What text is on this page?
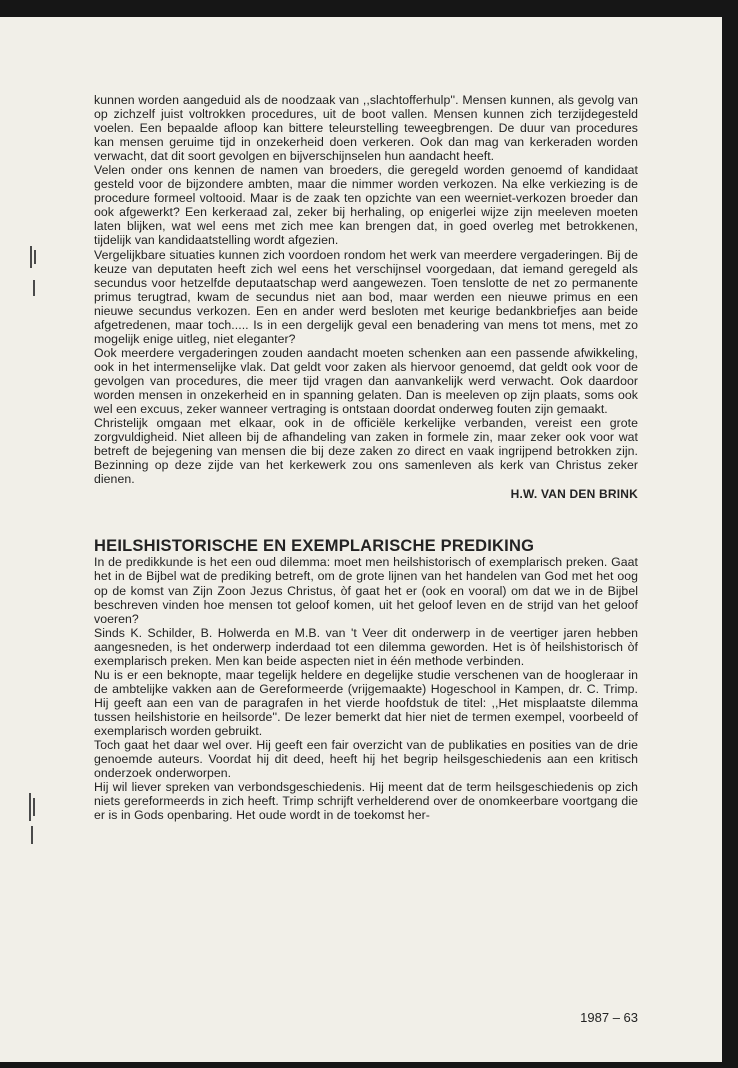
kunnen worden aangeduid als de noodzaak van ,,slachtofferhulp''. Mensen kunnen, als gevolg van op zichzelf juist voltrokken procedures, uit de boot vallen. Mensen kunnen zich terzijdegesteld voelen. Een bepaalde afloop kan bittere teleurstelling teweegbrengen. De duur van procedures kan mensen geruime tijd in onzekerheid doen verkeren. Ook dan mag van kerkeraden worden verwacht, dat dit soort gevolgen en bijverschijnselen hun aandacht heeft.

Velen onder ons kennen de namen van broeders, die geregeld worden genoemd of kandidaat gesteld voor de bijzondere ambten, maar die nimmer worden verkozen. Na elke verkiezing is de procedure formeel voltooid. Maar is de zaak ten opzichte van een weerniet-verkozen broeder dan ook afgewerkt? Een kerkeraad zal, zeker bij herhaling, op enigerlei wijze zijn meeleven moeten laten blijken, wat wel eens met zich mee kan brengen dat, in goed overleg met betrokkenen, tijdelijk van kandidaatstelling wordt afgezien.

Vergelijkbare situaties kunnen zich voordoen rondom het werk van meerdere vergaderingen. Bij de keuze van deputaten heeft zich wel eens het verschijnsel voorgedaan, dat iemand geregeld als secundus voor hetzelfde deputaatschap werd aangewezen. Toen tenslotte de net zo permanente primus terugtrad, kwam de secundus niet aan bod, maar werden een nieuwe primus en een nieuwe secundus verkozen. Een en ander werd besloten met keurige bedankbriefjes aan beide afgetredenen, maar toch..... Is in een dergelijk geval een benadering van mens tot mens, met zo mogelijk enige uitleg, niet eleganter?

Ook meerdere vergaderingen zouden aandacht moeten schenken aan een passende afwikkeling, ook in het intermenselijke vlak. Dat geldt voor zaken als hiervoor genoemd, dat geldt ook voor de gevolgen van procedures, die meer tijd vragen dan aanvankelijk werd verwacht. Ook daardoor worden mensen in onzekerheid en in spanning gelaten. Dan is meeleven op zijn plaats, soms ook wel een excuus, zeker wanneer vertraging is ontstaan doordat onderweg fouten zijn gemaakt.

Christelijk omgaan met elkaar, ook in de officiële kerkelijke verbanden, vereist een grote zorgvuldigheid. Niet alleen bij de afhandeling van zaken in formele zin, maar zeker ook voor wat betreft de bejegening van mensen die bij deze zaken zo direct en vaak ingrijpend betrokken zijn. Bezinning op deze zijde van het kerkewerk zou ons samenleven als kerk van Christus zeker dienen.

H.W. VAN DEN BRINK
HEILSHISTORISCHE EN EXEMPLARISCHE PREDIKING

In de predikkunde is het een oud dilemma: moet men heilshistorisch of exemplarisch preken. Gaat het in de Bijbel wat de prediking betreft, om de grote lijnen van het handelen van God met het oog op de komst van Zijn Zoon Jezus Christus, òf gaat het er (ook en vooral) om dat we in de Bijbel beschreven vinden hoe mensen tot geloof komen, uit het geloof leven en de strijd van het geloof voeren?

Sinds K. Schilder, B. Holwerda en M.B. van 't Veer dit onderwerp in de veertiger jaren hebben aangesneden, is het onderwerp inderdaad tot een dilemma geworden. Het is òf heilshistorisch òf exemplarisch preken. Men kan beide aspecten niet in één methode verbinden.

Nu is er een beknopte, maar tegelijk heldere en degelijke studie verschenen van de hoogleraar in de ambtelijke vakken aan de Gereformeerde (vrijgemaakte) Hogeschool in Kampen, dr. C. Trimp. Hij geeft aan een van de paragrafen in het vierde hoofdstuk de titel: ,,Het misplaatste dilemma tussen heilshistorie en heilsorde''. De lezer bemerkt dat hier niet de termen exempel, voorbeeld of exemplarisch worden gebruikt.

Toch gaat het daar wel over. Hij geeft een fair overzicht van de publikaties en posities van de drie genoemde auteurs. Voordat hij dit deed, heeft hij het begrip heilsgeschiedenis aan een kritisch onderzoek onderworpen.

Hij wil liever spreken van verbondsgeschiedenis. Hij meent dat de term heilsgeschiedenis op zich niets gereformeerds in zich heeft. Trimp schrijft verhelderend over de onomkeerbare voortgang die er is in Gods openbaring. Het oude wordt in de toekomst her-

1987 – 63
